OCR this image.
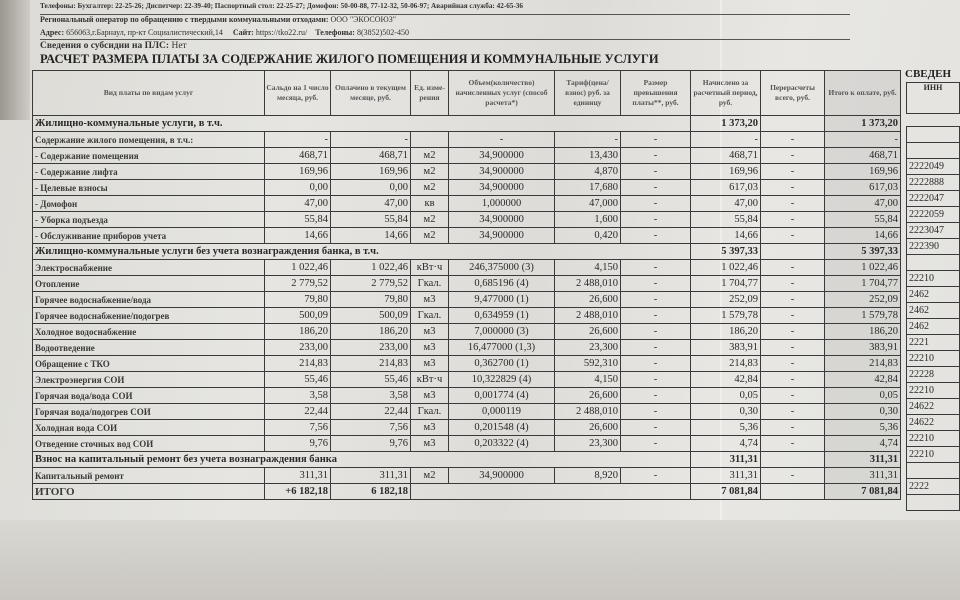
Телефоны: Бухгалтер: 22-25-26; Диспетчер: 22-39-40; Паспортный стол: 22-25-27; Домофон: 50-00-88, 77-12-32, 50-06-97; Аварийная служба: 42-65-36
Региональный оператор по обращению с твердыми коммунальными отходами: ООО "ЭКОСОЮЗ"
Адрес: 656063,г.Барнаул, пр-кт Социалистический,14 Сайт: https://tko22.ru/ Телефоны: 8(3852)502-450
Сведения о субсидии на ПЛС: Нет
РАСЧЕТ РАЗМЕРА ПЛАТЫ ЗА СОДЕРЖАНИЕ ЖИЛОГО ПОМЕЩЕНИЯ И КОММУНАЛЬНЫЕ УСЛУГИ
СВЕДЕН
Вид платы по видам услуг	Сальдо на 1 число месяца, руб.	Оплачено в текущем месяце, руб.	Ед. изме-рения	Объем(количество) начисленных услуг (способ расчета*)	Тариф(цена/взнос) руб. за единицу	Размер превышения платы**, руб.	Начислено за расчетный период, руб.	Перерасчеты всего, руб.	Итого к оплате, руб.
Жилищно-коммунальные услуги, в т.ч.							1 373,20		1 373,20
Содержание жилого помещения, в т.ч.:	-	-		-	-	-	-	-	-
- Содержание помещения	468,71	468,71	м2	34,900000	13,430	-	468,71	-	468,71
- Содержание лифта	169,96	169,96	м2	34,900000	4,870	-	169,96	-	169,96
- Целевые взносы	0,00	0,00	м2	34,900000	17,680	-	617,03	-	617,03
- Домофон	47,00	47,00	кв	1,000000	47,000	-	47,00	-	47,00
- Уборка подъезда	55,84	55,84	м2	34,900000	1,600	-	55,84	-	55,84
- Обслуживание приборов учета	14,66	14,66	м2	34,900000	0,420	-	14,66	-	14,66
Жилищно-коммунальные услуги без учета вознаграждения банка, в т.ч.							5 397,33		5 397,33
Электроснабжение	1 022,46	1 022,46	кВт·ч	246,375000 (3)	4,150	-	1 022,46	-	1 022,46
Отопление	2 779,52	2 779,52	Гкал.	0,685196 (4)	2 488,010	-	1 704,77	-	1 704,77
Горячее водоснабжение/вода	79,80	79,80	м3	9,477000 (1)	26,600	-	252,09	-	252,09
Горячее водоснабжение/подогрев	500,09	500,09	Гкал.	0,634959 (1)	2 488,010	-	1 579,78	-	1 579,78
Холодное водоснабжение	186,20	186,20	м3	7,000000 (3)	26,600	-	186,20	-	186,20
Водоотведение	233,00	233,00	м3	16,477000 (1,3)	23,300	-	383,91	-	383,91
Обращение с ТКО	214,83	214,83	м3	0,362700 (1)	592,310	-	214,83	-	214,83
Электроэнергия СОИ	55,46	55,46	кВт·ч	10,322829 (4)	4,150	-	42,84	-	42,84
Горячая вода/вода СОИ	3,58	3,58	м3	0,001774 (4)	26,600	-	0,05	-	0,05
Горячая вода/подогрев СОИ	22,44	22,44	Гкал.	0,000119	2 488,010	-	0,30	-	0,30
Холодная вода СОИ	7,56	7,56	м3	0,201548 (4)	26,600	-	5,36	-	5,36
Отведение сточных вод СОИ	9,76	9,76	м3	0,203322 (4)	23,300	-	4,74	-	4,74
Взнос на капитальный ремонт без учета вознаграждения банка							311,31		311,31
Капитальный ремонт	311,31	311,31	м2	34,900000	8,920	-	311,31	-	311,31
ИТОГО	+6 182,18	6 182,18					7 081,84		7 081,84
ИНН

2222049
2222888
2222047
2222059
2223047
222390

22210
2462
2462
2462
2221
22210
22228
22210
24622
24622
22210
22210

2222
